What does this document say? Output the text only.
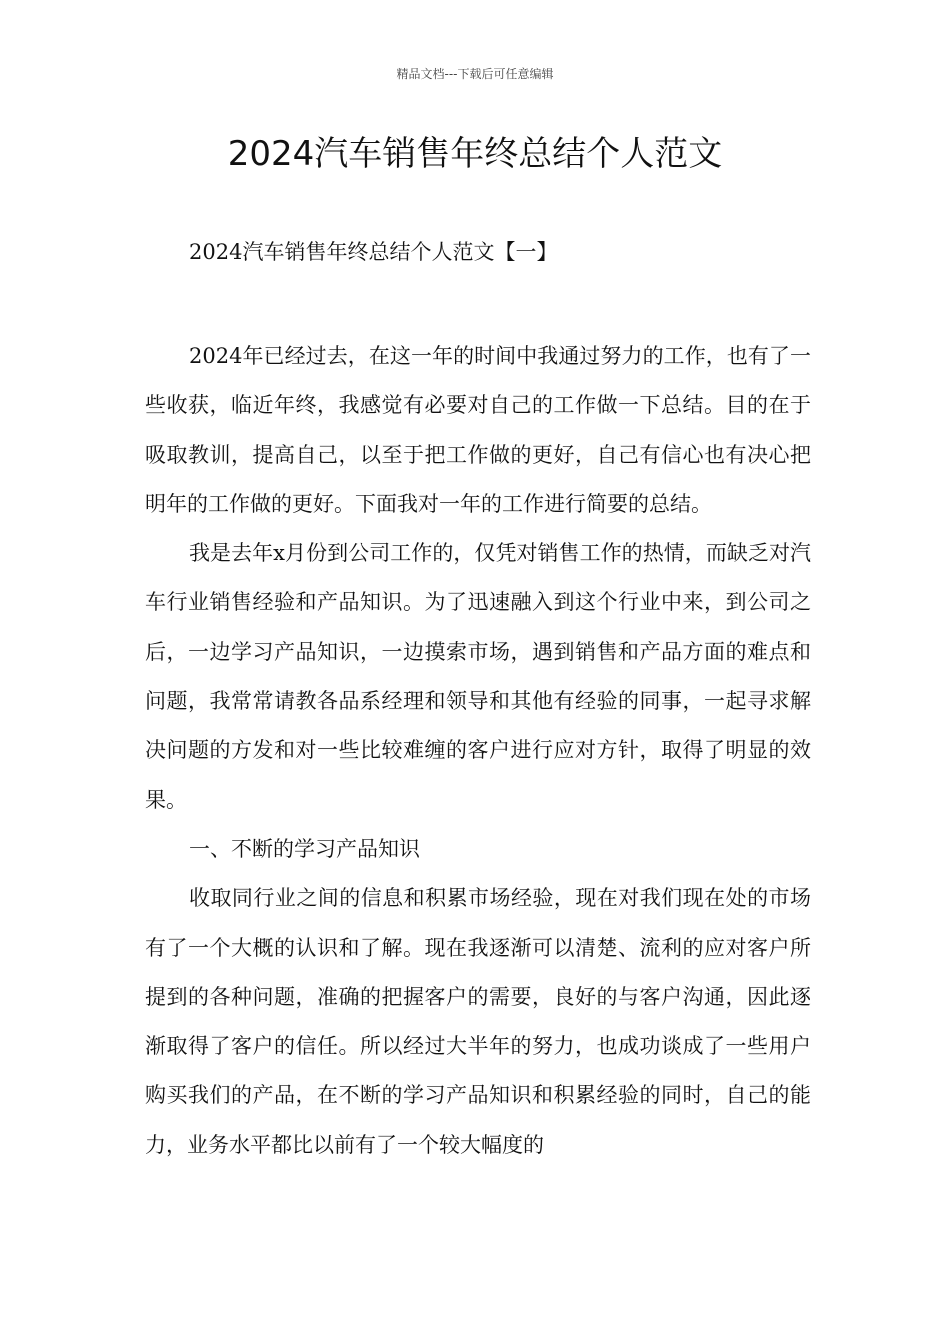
精品文档---下载后可任意编辑
2024汽车销售年终总结个人范文
2024汽车销售年终总结个人范文【一】

2024年已经过去，在这一年的时间中我通过努力的工作，也有了一些收获，临近年终，我感觉有必要对自己的工作做一下总结。目的在于吸取教训，提高自己，以至于把工作做的更好，自己有信心也有决心把明年的工作做的更好。下面我对一年的工作进行简要的总结。

我是去年x月份到公司工作的，仅凭对销售工作的热情，而缺乏对汽车行业销售经验和产品知识。为了迅速融入到这个行业中来，到公司之后，一边学习产品知识，一边摸索市场，遇到销售和产品方面的难点和问题，我常常请教各品系经理和领导和其他有经验的同事，一起寻求解决问题的方发和对一些比较难缠的客户进行应对方针，取得了明显的效果。

一、不断的学习产品知识

收取同行业之间的信息和积累市场经验，现在对我们现在处的市场有了一个大概的认识和了解。现在我逐渐可以清楚、流利的应对客户所提到的各种问题，准确的把握客户的需要，良好的与客户沟通，因此逐渐取得了客户的信任。所以经过大半年的努力，也成功谈成了一些用户购买我们的产品，在不断的学习产品知识和积累经验的同时，自己的能力，业务水平都比以前有了一个较大幅度的
